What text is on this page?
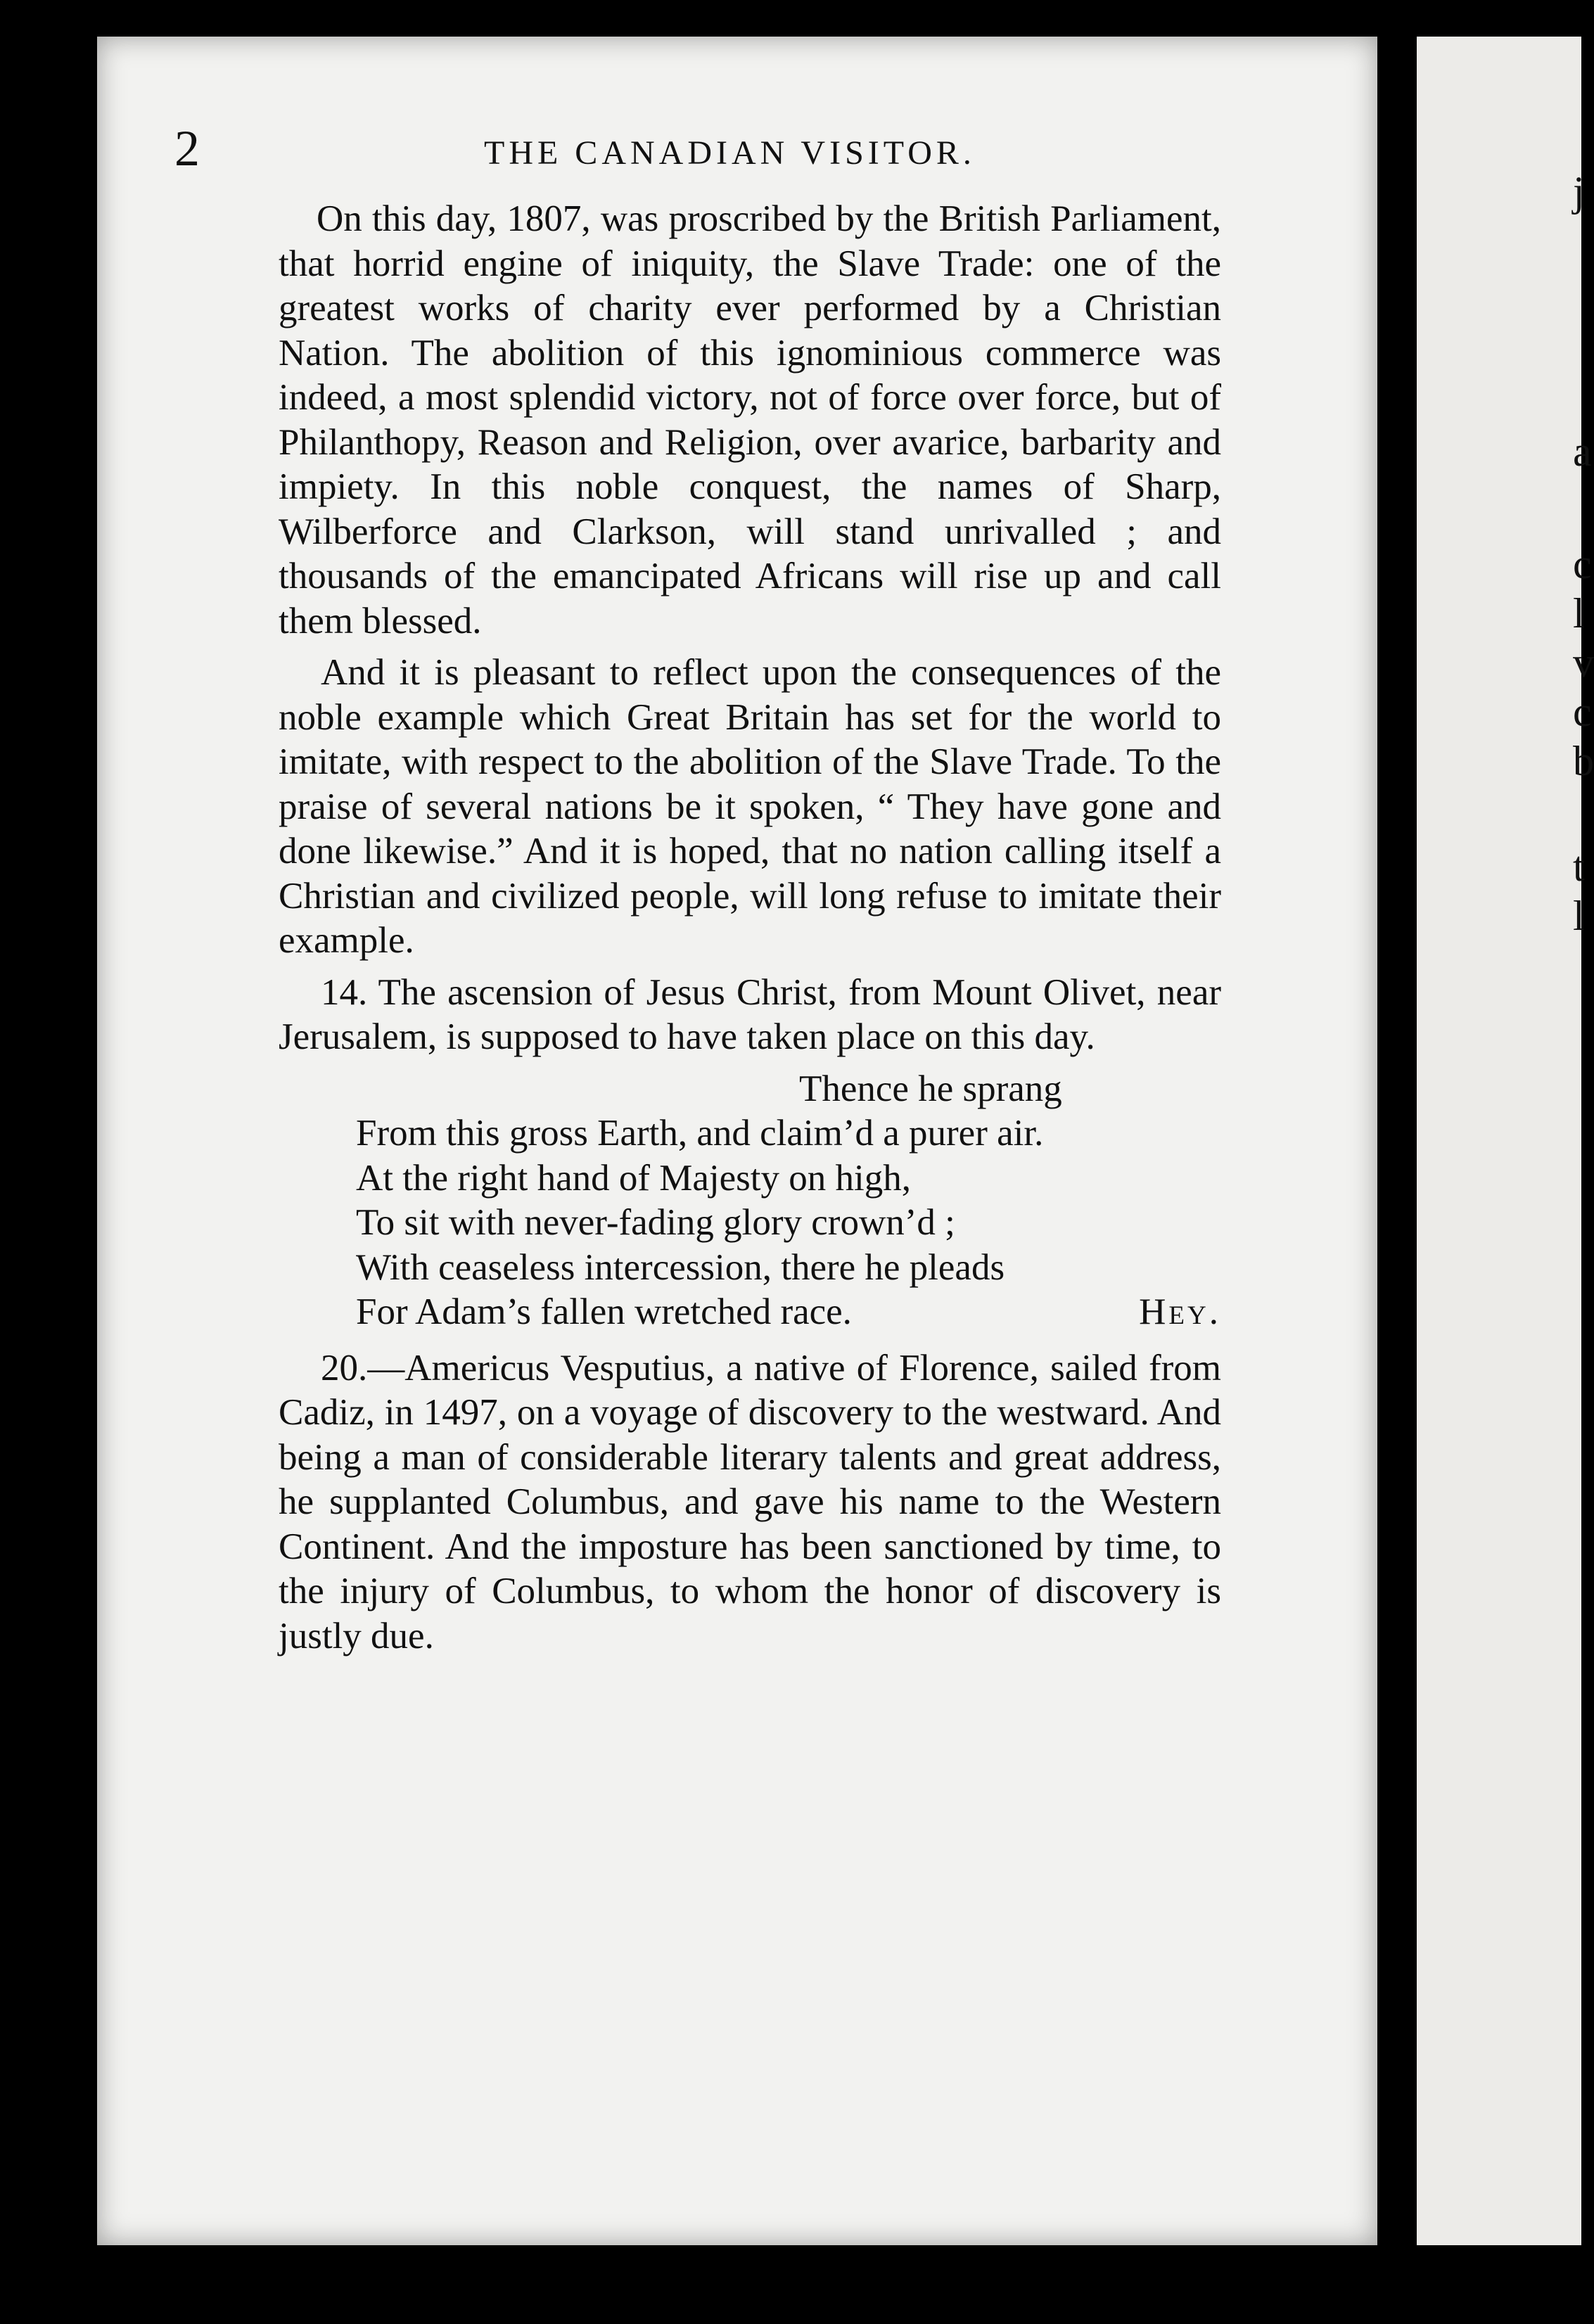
j
a
c
l
v
c
b
t
l
2	THE CANADIAN VISITOR.

On this day, 1807, was proscribed by the British Parliament, that horrid engine of iniquity, the Slave Trade: one of the greatest works of charity ever performed by a Christian Nation. The abolition of this ignominious commerce was indeed, a most splendid victory, not of force over force, but of Philanthopy, Reason and Religion, over avarice, barbarity and impiety. In this noble conquest, the names of Sharp, Wilberforce and Clarkson, will stand unrivalled ; and thousands of the emancipated Africans will rise up and call them blessed.

And it is pleasant to reflect upon the consequences of the noble example which Great Britain has set for the world to imitate, with respect to the abolition of the Slave Trade. To the praise of several nations be it spoken, “ They have gone and done likewise.” And it is hoped, that no nation calling itself a Christian and civilized people, will long refuse to imitate their example.

14. The ascension of Jesus Christ, from Mount Olivet, near Jerusalem, is supposed to have taken place on this day.

Thence he sprang
From this gross Earth, and claim’d a purer air.
At the right hand of Majesty on high,
To sit with never-fading glory crown’d ;
With ceaseless intercession, there he pleads
For Adam’s fallen wretched race.	Hey.

20.—Americus Vesputius, a native of Florence, sailed from Cadiz, in 1497, on a voyage of discovery to the westward. And being a man of considerable literary talents and great address, he supplanted Columbus, and gave his name to the Western Continent. And the imposture has been sanctioned by time, to the injury of Columbus, to whom the honor of discovery is justly due.
